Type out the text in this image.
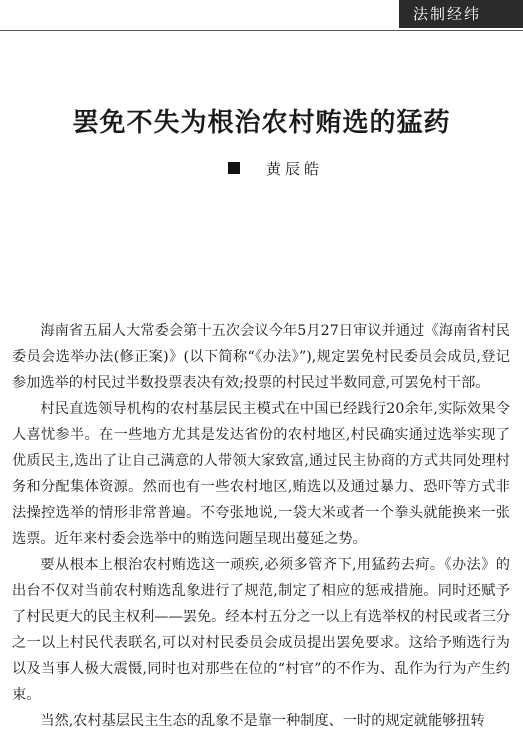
法制经纬
罢免不失为根治农村贿选的猛药
黄辰皓

海南省五届人大常委会第十五次会议今年5月27日审议并通过《海南省村民委员会选举办法(修正案)》(以下简称“《办法》”),规定罢免村民委员会成员,登记参加选举的村民过半数投票表决有效;投票的村民过半数同意,可罢免村干部。

村民直选领导机构的农村基层民主模式在中国已经践行20余年,实际效果令人喜忧参半。在一些地方尤其是发达省份的农村地区,村民确实通过选举实现了优质民主,选出了让自己满意的人带领大家致富,通过民主协商的方式共同处理村务和分配集体资源。然而也有一些农村地区,贿选以及通过暴力、恐吓等方式非法操控选举的情形非常普遍。不夸张地说,一袋大米或者一个拳头就能换来一张选票。近年来村委会选举中的贿选问题呈现出蔓延之势。

要从根本上根治农村贿选这一顽疾,必须多管齐下,用猛药去疴。《办法》的出台不仅对当前农村贿选乱象进行了规范,制定了相应的惩戒措施。同时还赋予了村民更大的民主权利——罢免。经本村五分之一以上有选举权的村民或者三分之一以上村民代表联名,可以对村民委员会成员提出罢免要求。这给予贿选行为以及当事人极大震慑,同时也对那些在位的“村官”的不作为、乱作为行为产生约束。

当然,农村基层民主生态的乱象不是靠一种制度、一时的规定就能够扭转
